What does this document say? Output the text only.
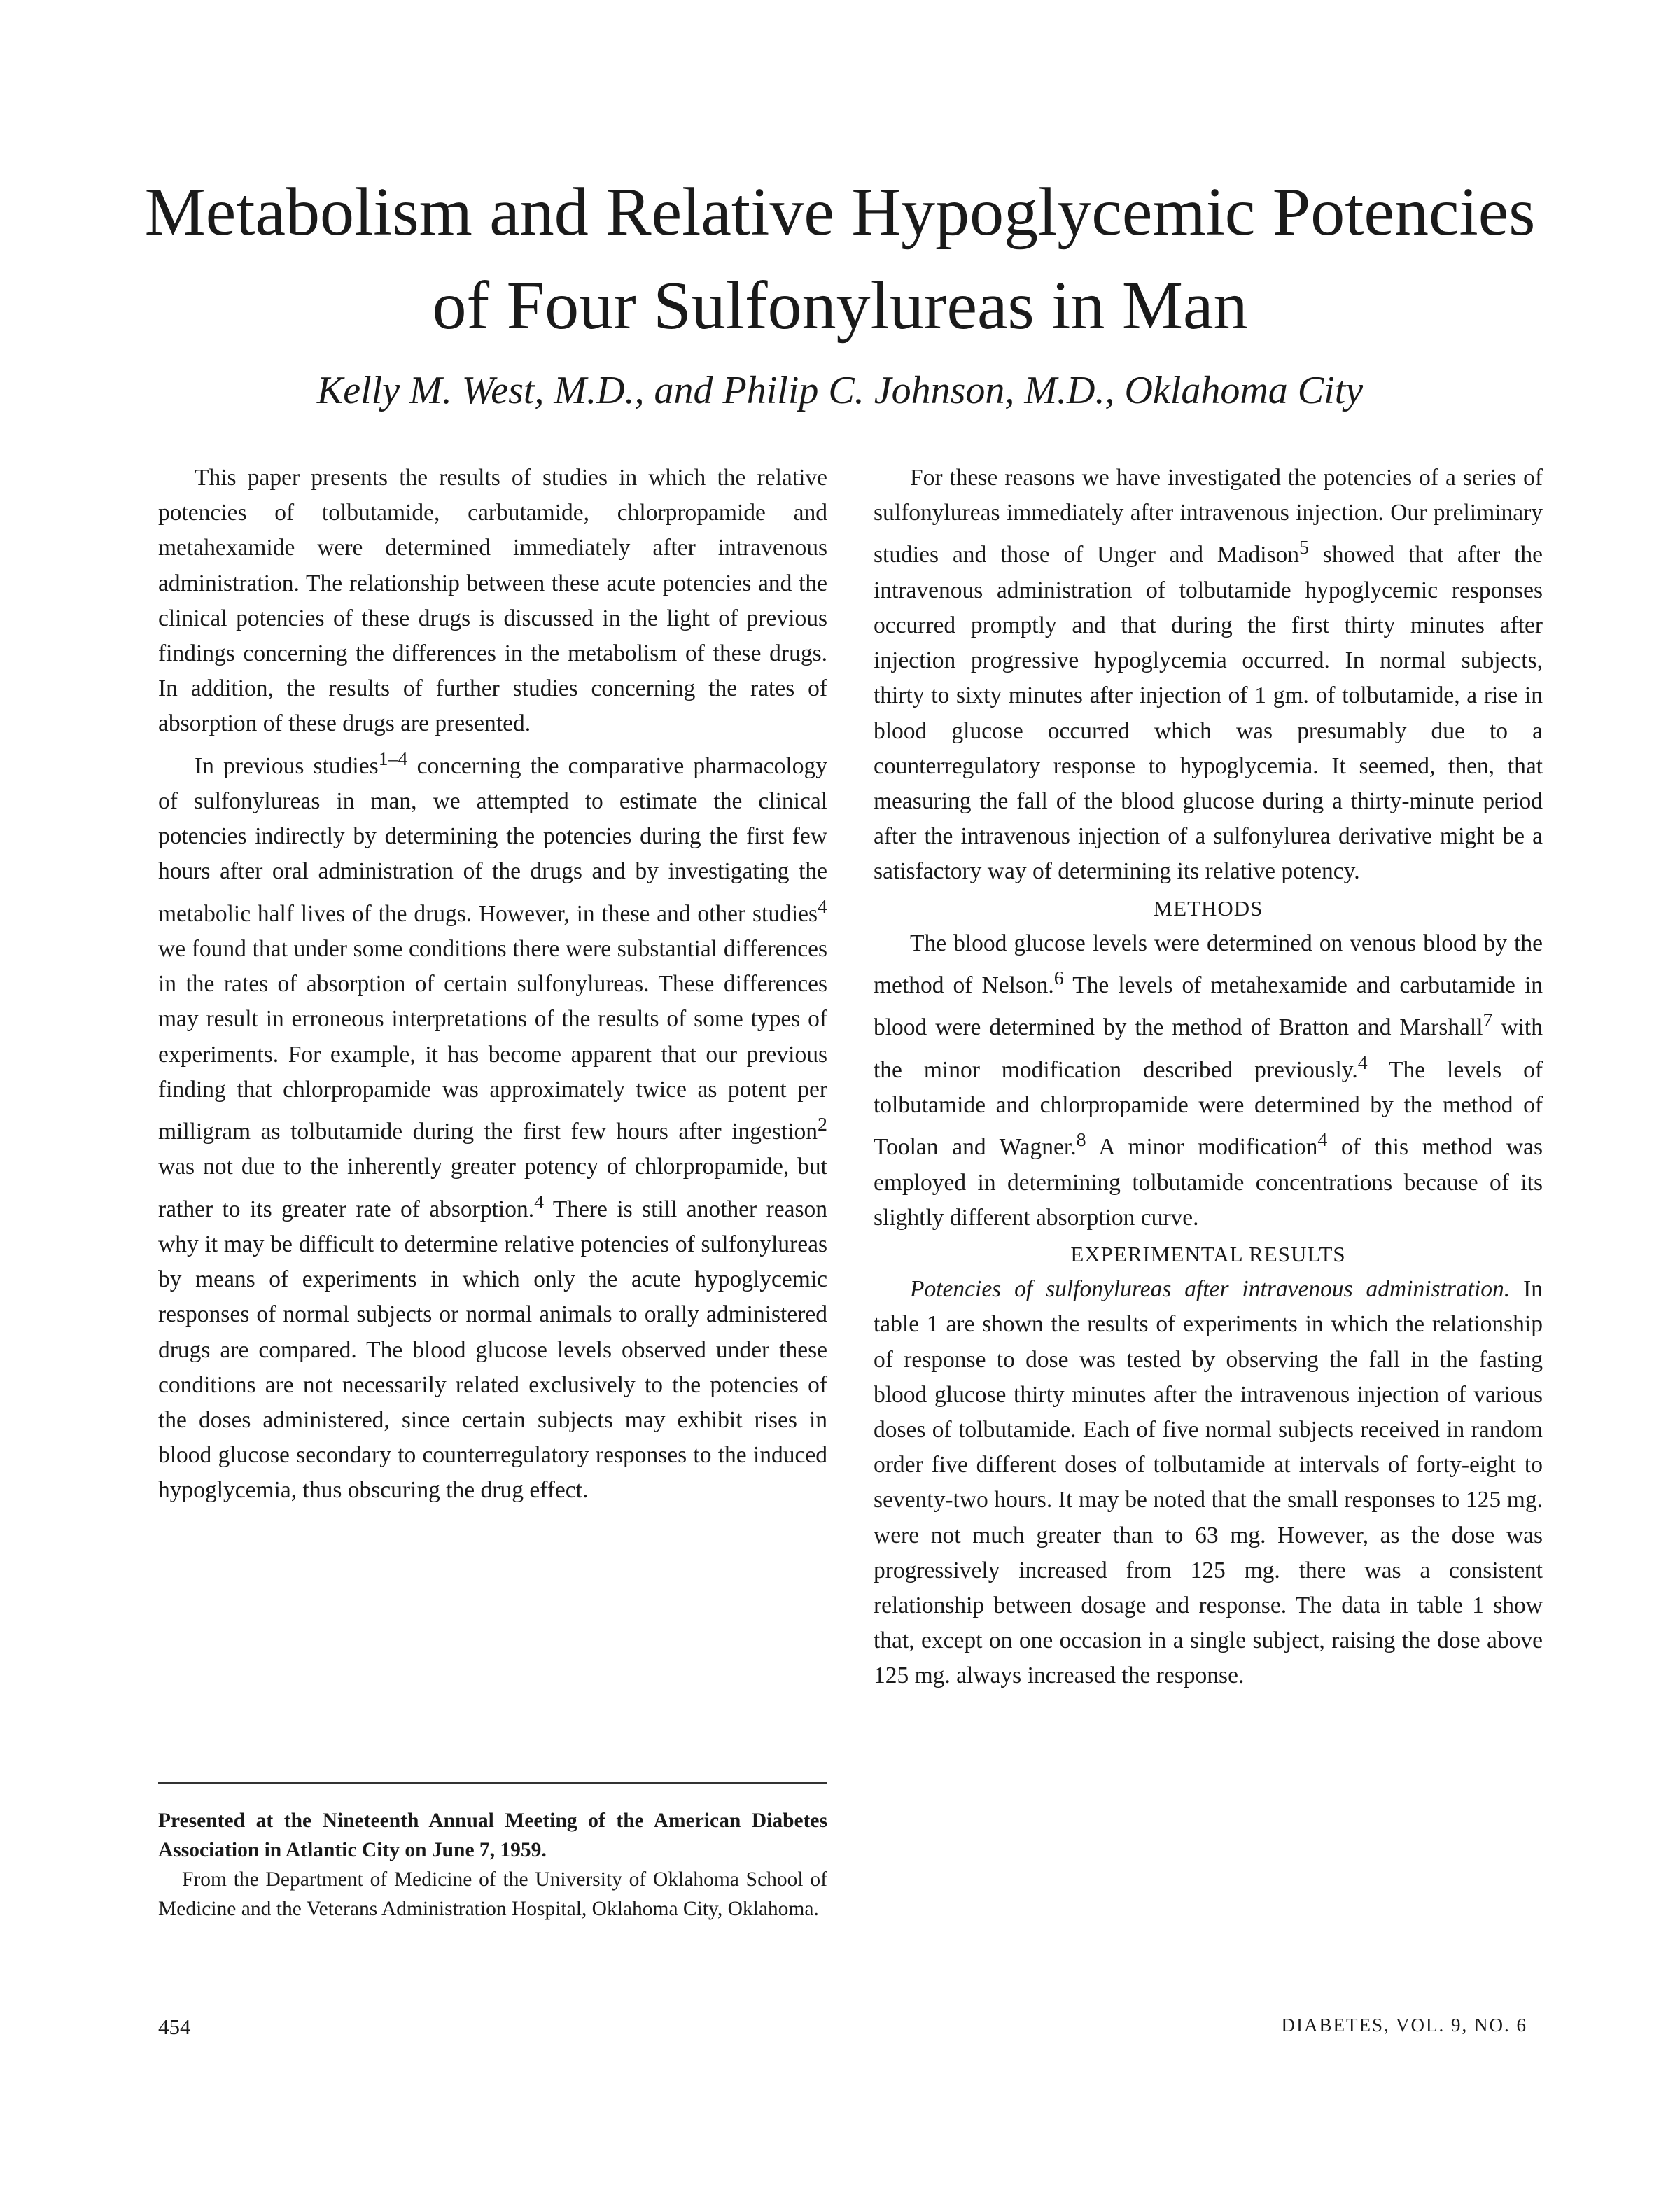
Metabolism and Relative Hypoglycemic Potencies
of Four Sulfonylureas in Man

Kelly M. West, M.D., and Philip C. Johnson, M.D., Oklahoma City

This paper presents the results of studies in which the relative potencies of tolbutamide, carbutamide, chlorpropamide and metahexamide were determined immediately after intravenous administration. The relationship between these acute potencies and the clinical potencies of these drugs is discussed in the light of previous findings concerning the differences in the metabolism of these drugs. In addition, the results of further studies concerning the rates of absorption of these drugs are presented.

In previous studies$^{1-4}$ concerning the comparative pharmacology of sulfonylureas in man, we attempted to estimate the clinical potencies indirectly by determining the potencies during the first few hours after oral administration of the drugs and by investigating the metabolic half lives of the drugs. However, in these and other studies$^4$ we found that under some conditions there were substantial differences in the rates of absorption of certain sulfonylureas. These differences may result in erroneous interpretations of the results of some types of experiments. For example, it has become apparent that our previous finding that chlorpropamide was approximately twice as potent per milligram as tolbutamide during the first few hours after ingestion$^2$ was not due to the inherently greater potency of chlorpropamide, but rather to its greater rate of absorption.$^4$ There is still another reason why it may be difficult to determine relative potencies of sulfonylureas by means of experiments in which only the acute hypoglycemic responses of normal subjects or normal animals to orally administered drugs are compared. The blood glucose levels observed under these conditions are not necessarily related exclusively to the potencies of the doses administered, since certain subjects may exhibit rises in blood glucose secondary to counterregulatory responses to the induced hypoglycemia, thus obscuring the drug effect.

Presented at the Nineteenth Annual Meeting of the American Diabetes Association in Atlantic City on June 7, 1959.

From the Department of Medicine of the University of Oklahoma School of Medicine and the Veterans Administration Hospital, Oklahoma City, Oklahoma.

For these reasons we have investigated the potencies of a series of sulfonylureas immediately after intravenous injection. Our preliminary studies and those of Unger and Madison$^5$ showed that after the intravenous administration of tolbutamide hypoglycemic responses occurred promptly and that during the first thirty minutes after injection progressive hypoglycemia occurred. In normal subjects, thirty to sixty minutes after injection of 1 gm. of tolbutamide, a rise in blood glucose occurred which was presumably due to a counterregulatory response to hypoglycemia. It seemed, then, that measuring the fall of the blood glucose during a thirty-minute period after the intravenous injection of a sulfonylurea derivative might be a satisfactory way of determining its relative potency.

METHODS

The blood glucose levels were determined on venous blood by the method of Nelson.$^6$ The levels of metahexamide and carbutamide in blood were determined by the method of Bratton and Marshall$^7$ with the minor modification described previously.$^4$ The levels of tolbutamide and chlorpropamide were determined by the method of Toolan and Wagner.$^8$ A minor modification$^4$ of this method was employed in determining tolbutamide concentrations because of its slightly different absorption curve.

EXPERIMENTAL RESULTS

Potencies of sulfonylureas after intravenous administration. In table 1 are shown the results of experiments in which the relationship of response to dose was tested by observing the fall in the fasting blood glucose thirty minutes after the intravenous injection of various doses of tolbutamide. Each of five normal subjects received in random order five different doses of tolbutamide at intervals of forty-eight to seventy-two hours. It may be noted that the small responses to 125 mg. were not much greater than to 63 mg. However, as the dose was progressively increased from 125 mg. there was a consistent relationship between dosage and response. The data in table 1 show that, except on one occasion in a single subject, raising the dose above 125 mg. always increased the response.

454	DIABETES, VOL. 9, NO. 6
